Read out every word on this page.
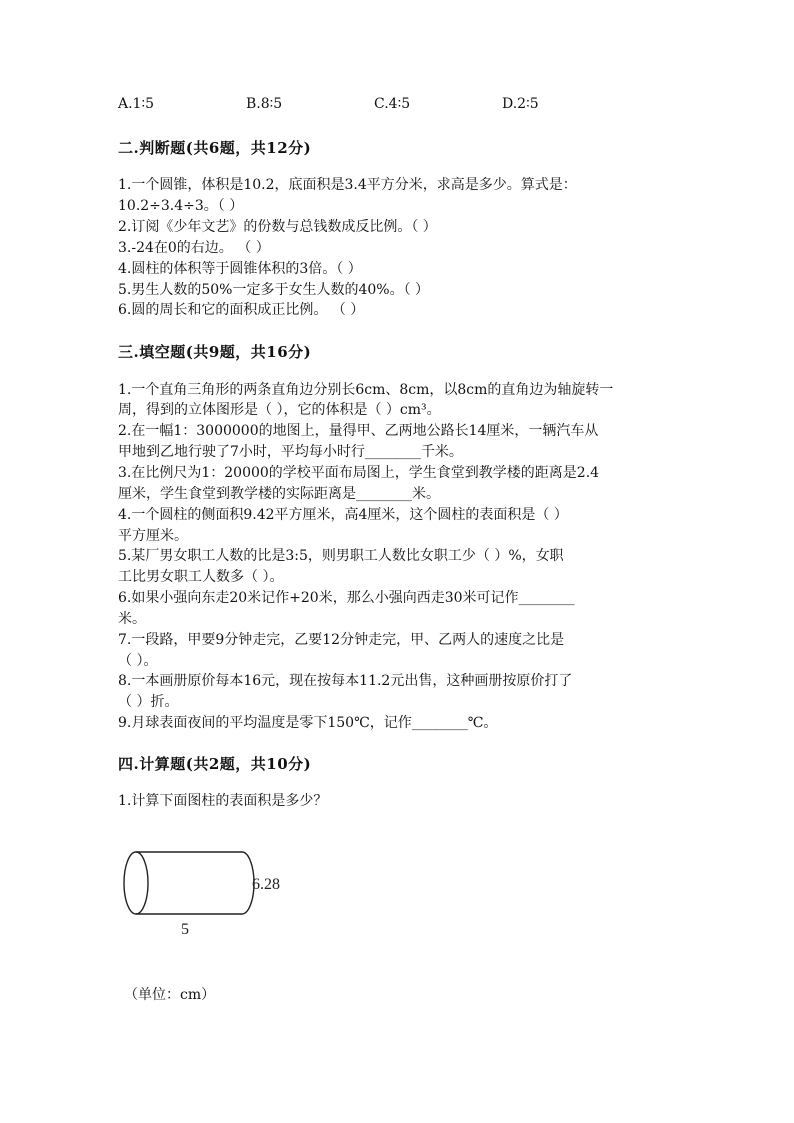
A.1∶5	B.8∶5	C.4∶5	D.2∶5
二.判断题(共6题，共12分)
1.一个圆锥，体积是10.2，底面积是3.4平方分米，求高是多少。算式是：
10.2÷3.4÷3。（ ）
2.订阅《少年文艺》的份数与总钱数成反比例。（ ）
3.-24在0的右边。 （ ）
4.圆柱的体积等于圆锥体积的3倍。（ ）
5.男生人数的50%一定多于女生人数的40%。（ ）
6.圆的周长和它的面积成正比例。 （ ）
三.填空题(共9题，共16分)
1.一个直角三角形的两条直角边分别长6cm、8cm，以8cm的直角边为轴旋转一
周，得到的立体图形是（ ），它的体积是（ ）cm³。
2.在一幅1：3000000的地图上，量得甲、乙两地公路长14厘米，一辆汽车从
甲地到乙地行驶了7小时，平均每小时行________千米。
3.在比例尺为1：20000的学校平面布局图上，学生食堂到教学楼的距离是2.4
厘米，学生食堂到教学楼的实际距离是________米。
4.一个圆柱的侧面积9.42平方厘米，高4厘米，这个圆柱的表面积是（ ）
平方厘米。
5.某厂男女职工人数的比是3:5，则男职工人数比女职工少（ ）%，女职
工比男女职工人数多（ ）。
6.如果小强向东走20米记作+20米，那么小强向西走30米可记作________
米。
7.一段路，甲要9分钟走完，乙要12分钟走完，甲、乙两人的速度之比是
（ ）。
8.一本画册原价每本16元，现在按每本11.2元出售，这种画册按原价打了
（ ）折。
9.月球表面夜间的平均温度是零下150℃，记作________℃。
四.计算题(共2题，共10分)
1.计算下面图柱的表面积是多少？
6.28
5
（单位：cm）
